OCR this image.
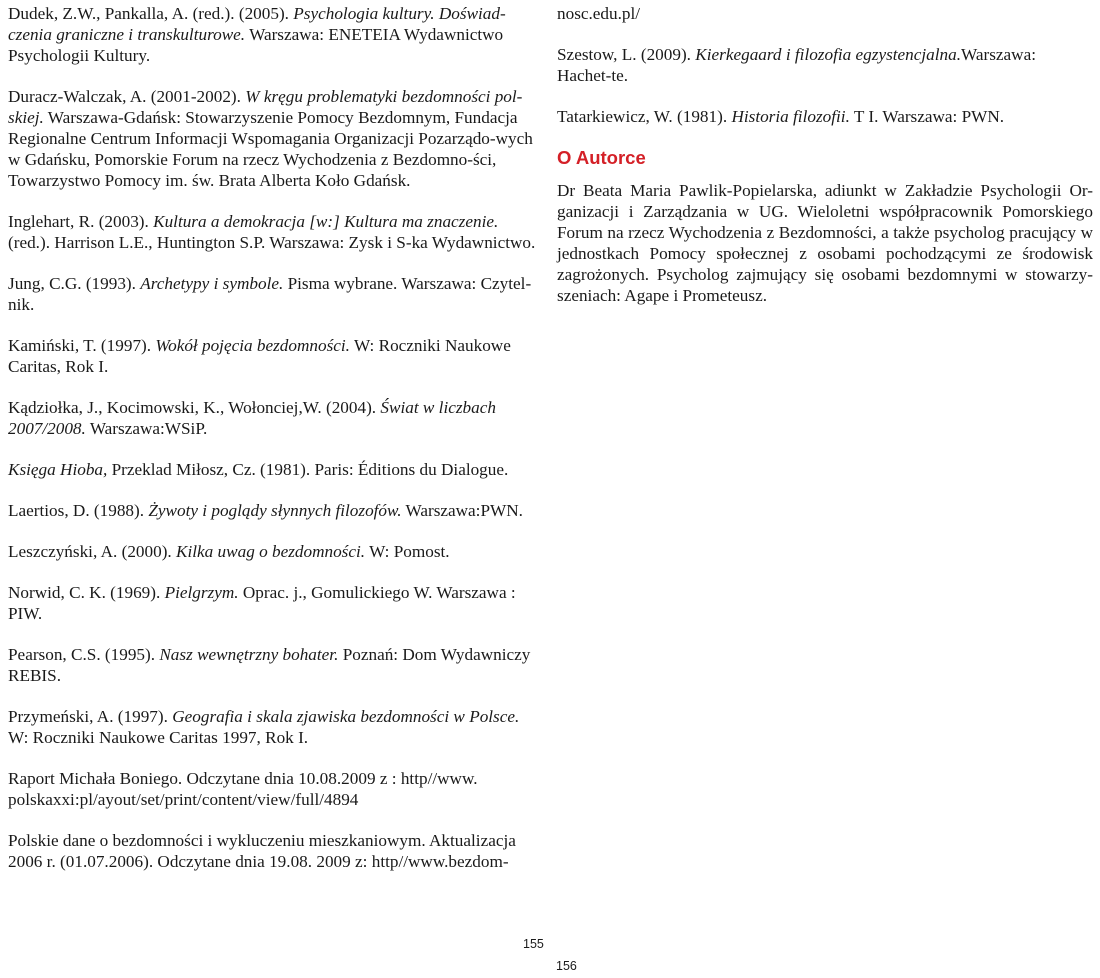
Dudek, Z.W., Pankalla, A. (red.). (2005). Psychologia kultury. Doświad-czenia graniczne i transkulturowe. Warszawa: ENETEIA Wydawnictwo Psychologii Kultury.

Duracz-Walczak, A. (2001-2002). W kręgu problematyki bezdomności pol-skiej. Warszawa-Gdańsk: Stowarzyszenie Pomocy Bezdomnym, Fundacja Regionalne Centrum Informacji Wspomagania Organizacji Pozarządo-wych w Gdańsku, Pomorskie Forum na rzecz Wychodzenia z Bezdomno-ści, Towarzystwo Pomocy im. św. Brata Alberta Koło Gdańsk.

Inglehart, R. (2003). Kultura a demokracja [w:] Kultura ma znaczenie. (red.). Harrison L.E., Huntington S.P. Warszawa: Zysk i S-ka Wydawnictwo.

Jung, C.G. (1993). Archetypy i symbole. Pisma wybrane. Warszawa: Czytel-nik.

Kamiński, T. (1997). Wokół pojęcia bezdomności. W: Roczniki Naukowe Caritas, Rok I.

Kądziołka, J., Kocimowski, K., Wołonciej,W. (2004). Świat w liczbach 2007/2008. Warszawa:WSiP.

Księga Hioba, Przeklad Miłosz, Cz. (1981). Paris: Éditions du Dialogue.

Laertios, D. (1988). Żywoty i poglądy słynnych filozofów. Warszawa:PWN.

Leszczyński, A. (2000). Kilka uwag o bezdomności. W: Pomost.

Norwid, C. K. (1969). Pielgrzym. Oprac. j., Gomulickiego W. Warszawa : PIW.

Pearson, C.S. (1995). Nasz wewnętrzny bohater. Poznań: Dom Wydawniczy REBIS.

Przymeński, A. (1997). Geografia i skala zjawiska bezdomności w Polsce. W: Roczniki Naukowe Caritas 1997, Rok I.

Raport Michała Boniego. Odczytane dnia 10.08.2009 z : http//www. polskaxxi:pl/ayout/set/print/content/view/full/4894

Polskie dane o bezdomności i wykluczeniu mieszkaniowym. Aktualizacja 2006 r. (01.07.2006). Odczytane dnia 19.08. 2009 z: http//www.bezdom-

nosc.edu.pl/

Szestow, L. (2009). Kierkegaard i filozofia egzystencjalna.Warszawa: Hachet-te.

Tatarkiewicz, W. (1981). Historia filozofii. T I. Warszawa: PWN.

O Autorce

Dr Beata Maria Pawlik-Popielarska, adiunkt w Zakładzie Psychologii Or-ganizacji i Zarządzania w UG. Wieloletni współpracownik Pomorskiego Forum na rzecz Wychodzenia z Bezdomności, a także psycholog pracujący w jednostkach Pomocy społecznej z osobami pochodzącymi ze środowisk zagrożonych. Psycholog zajmujący się osobami bezdomnymi w stowarzy-szeniach: Agape i Prometeusz.

155
156
